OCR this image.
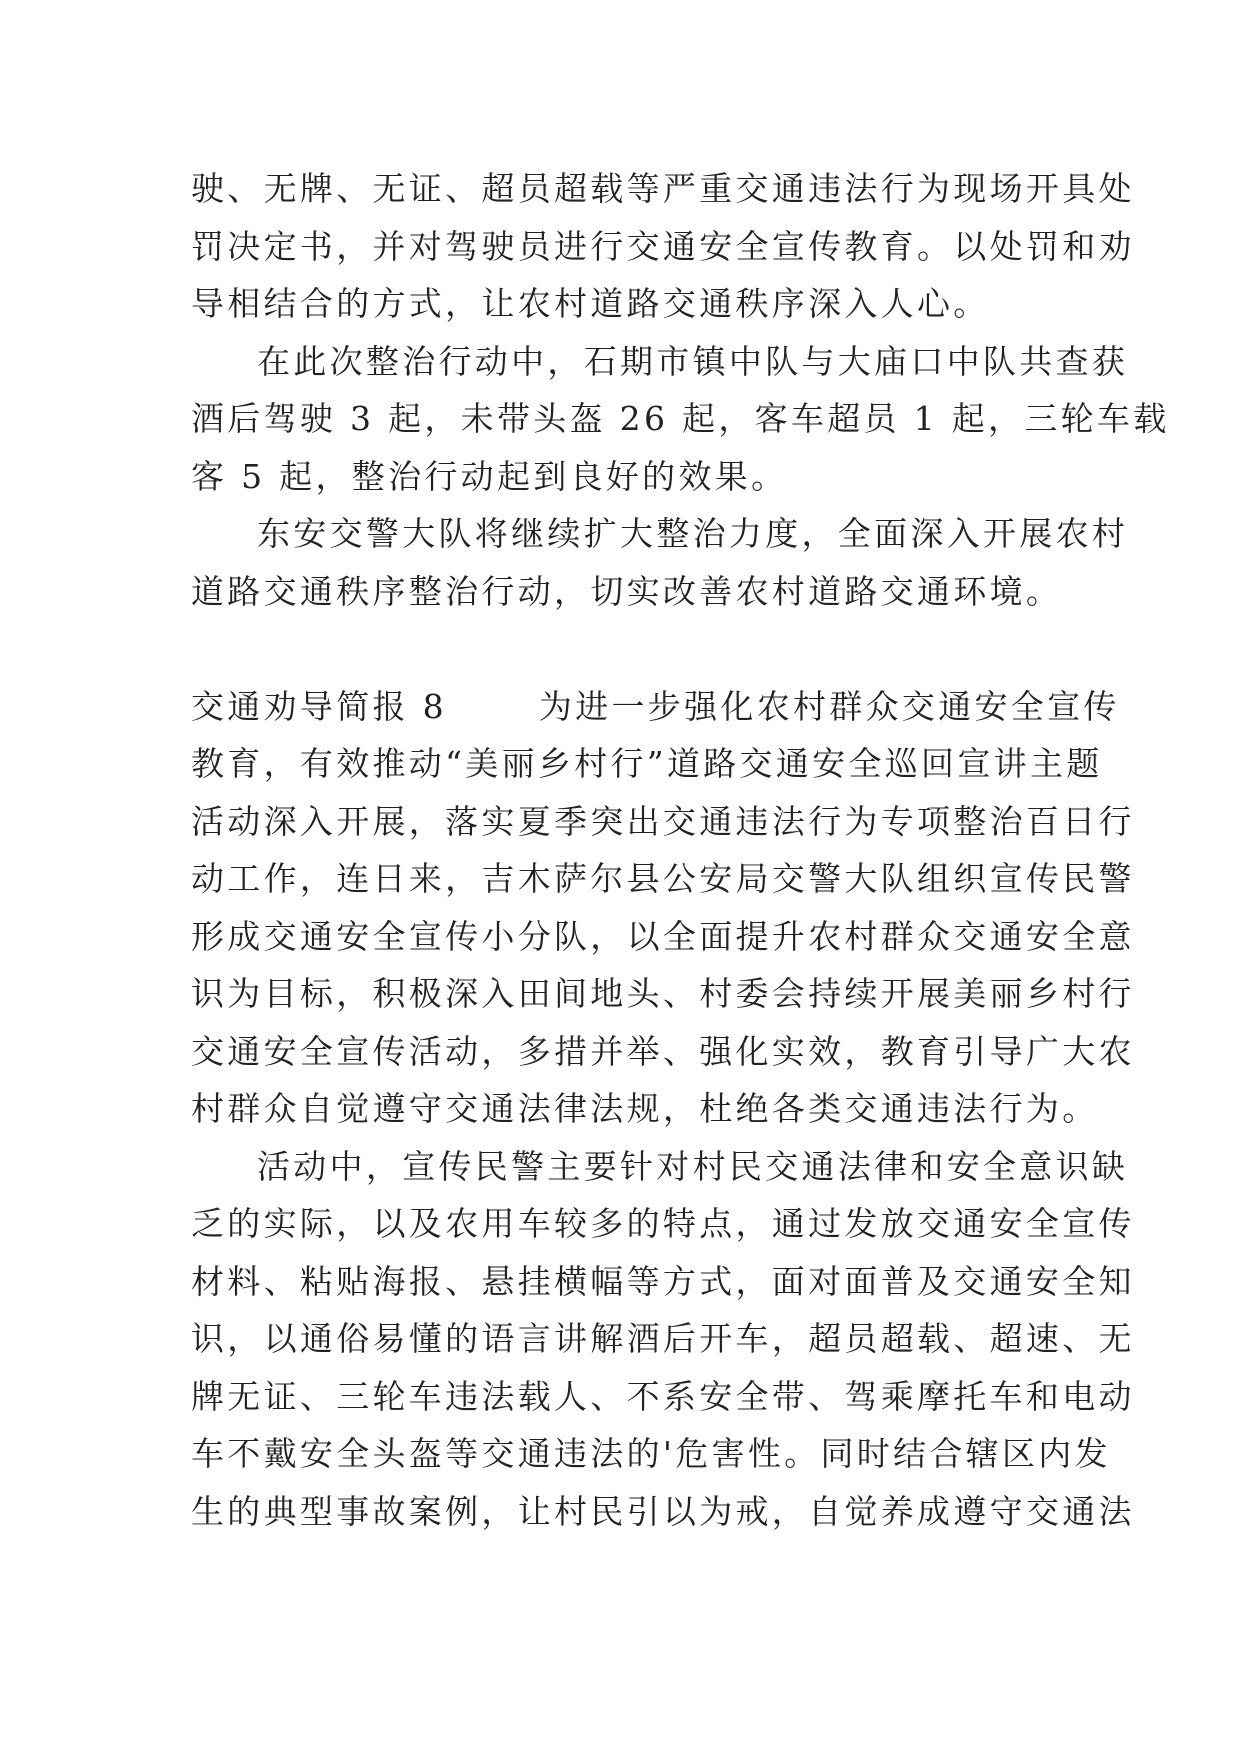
驶、无牌、无证、超员超载等严重交通违法行为现场开具处
罚决定书，并对驾驶员进行交通安全宣传教育。以处罚和劝
导相结合的方式，让农村道路交通秩序深入人心。
在此次整治行动中，石期市镇中队与大庙口中队共查获
酒后驾驶 3 起，未带头盔 26 起，客车超员 1 起，三轮车载
客 5 起，整治行动起到良好的效果。
东安交警大队将继续扩大整治力度，全面深入开展农村
道路交通秩序整治行动，切实改善农村道路交通环境。
交通劝导简报 8	为进一步强化农村群众交通安全宣传
教育，有效推动“美丽乡村行”道路交通安全巡回宣讲主题
活动深入开展，落实夏季突出交通违法行为专项整治百日行
动工作，连日来，吉木萨尔县公安局交警大队组织宣传民警
形成交通安全宣传小分队，以全面提升农村群众交通安全意
识为目标，积极深入田间地头、村委会持续开展美丽乡村行
交通安全宣传活动，多措并举、强化实效，教育引导广大农
村群众自觉遵守交通法律法规，杜绝各类交通违法行为。
活动中，宣传民警主要针对村民交通法律和安全意识缺
乏的实际，以及农用车较多的特点，通过发放交通安全宣传
材料、粘贴海报、悬挂横幅等方式，面对面普及交通安全知
识，以通俗易懂的语言讲解酒后开车，超员超载、超速、无
牌无证、三轮车违法载人、不系安全带、驾乘摩托车和电动
车不戴安全头盔等交通违法的'危害性。同时结合辖区内发
生的典型事故案例，让村民引以为戒，自觉养成遵守交通法
